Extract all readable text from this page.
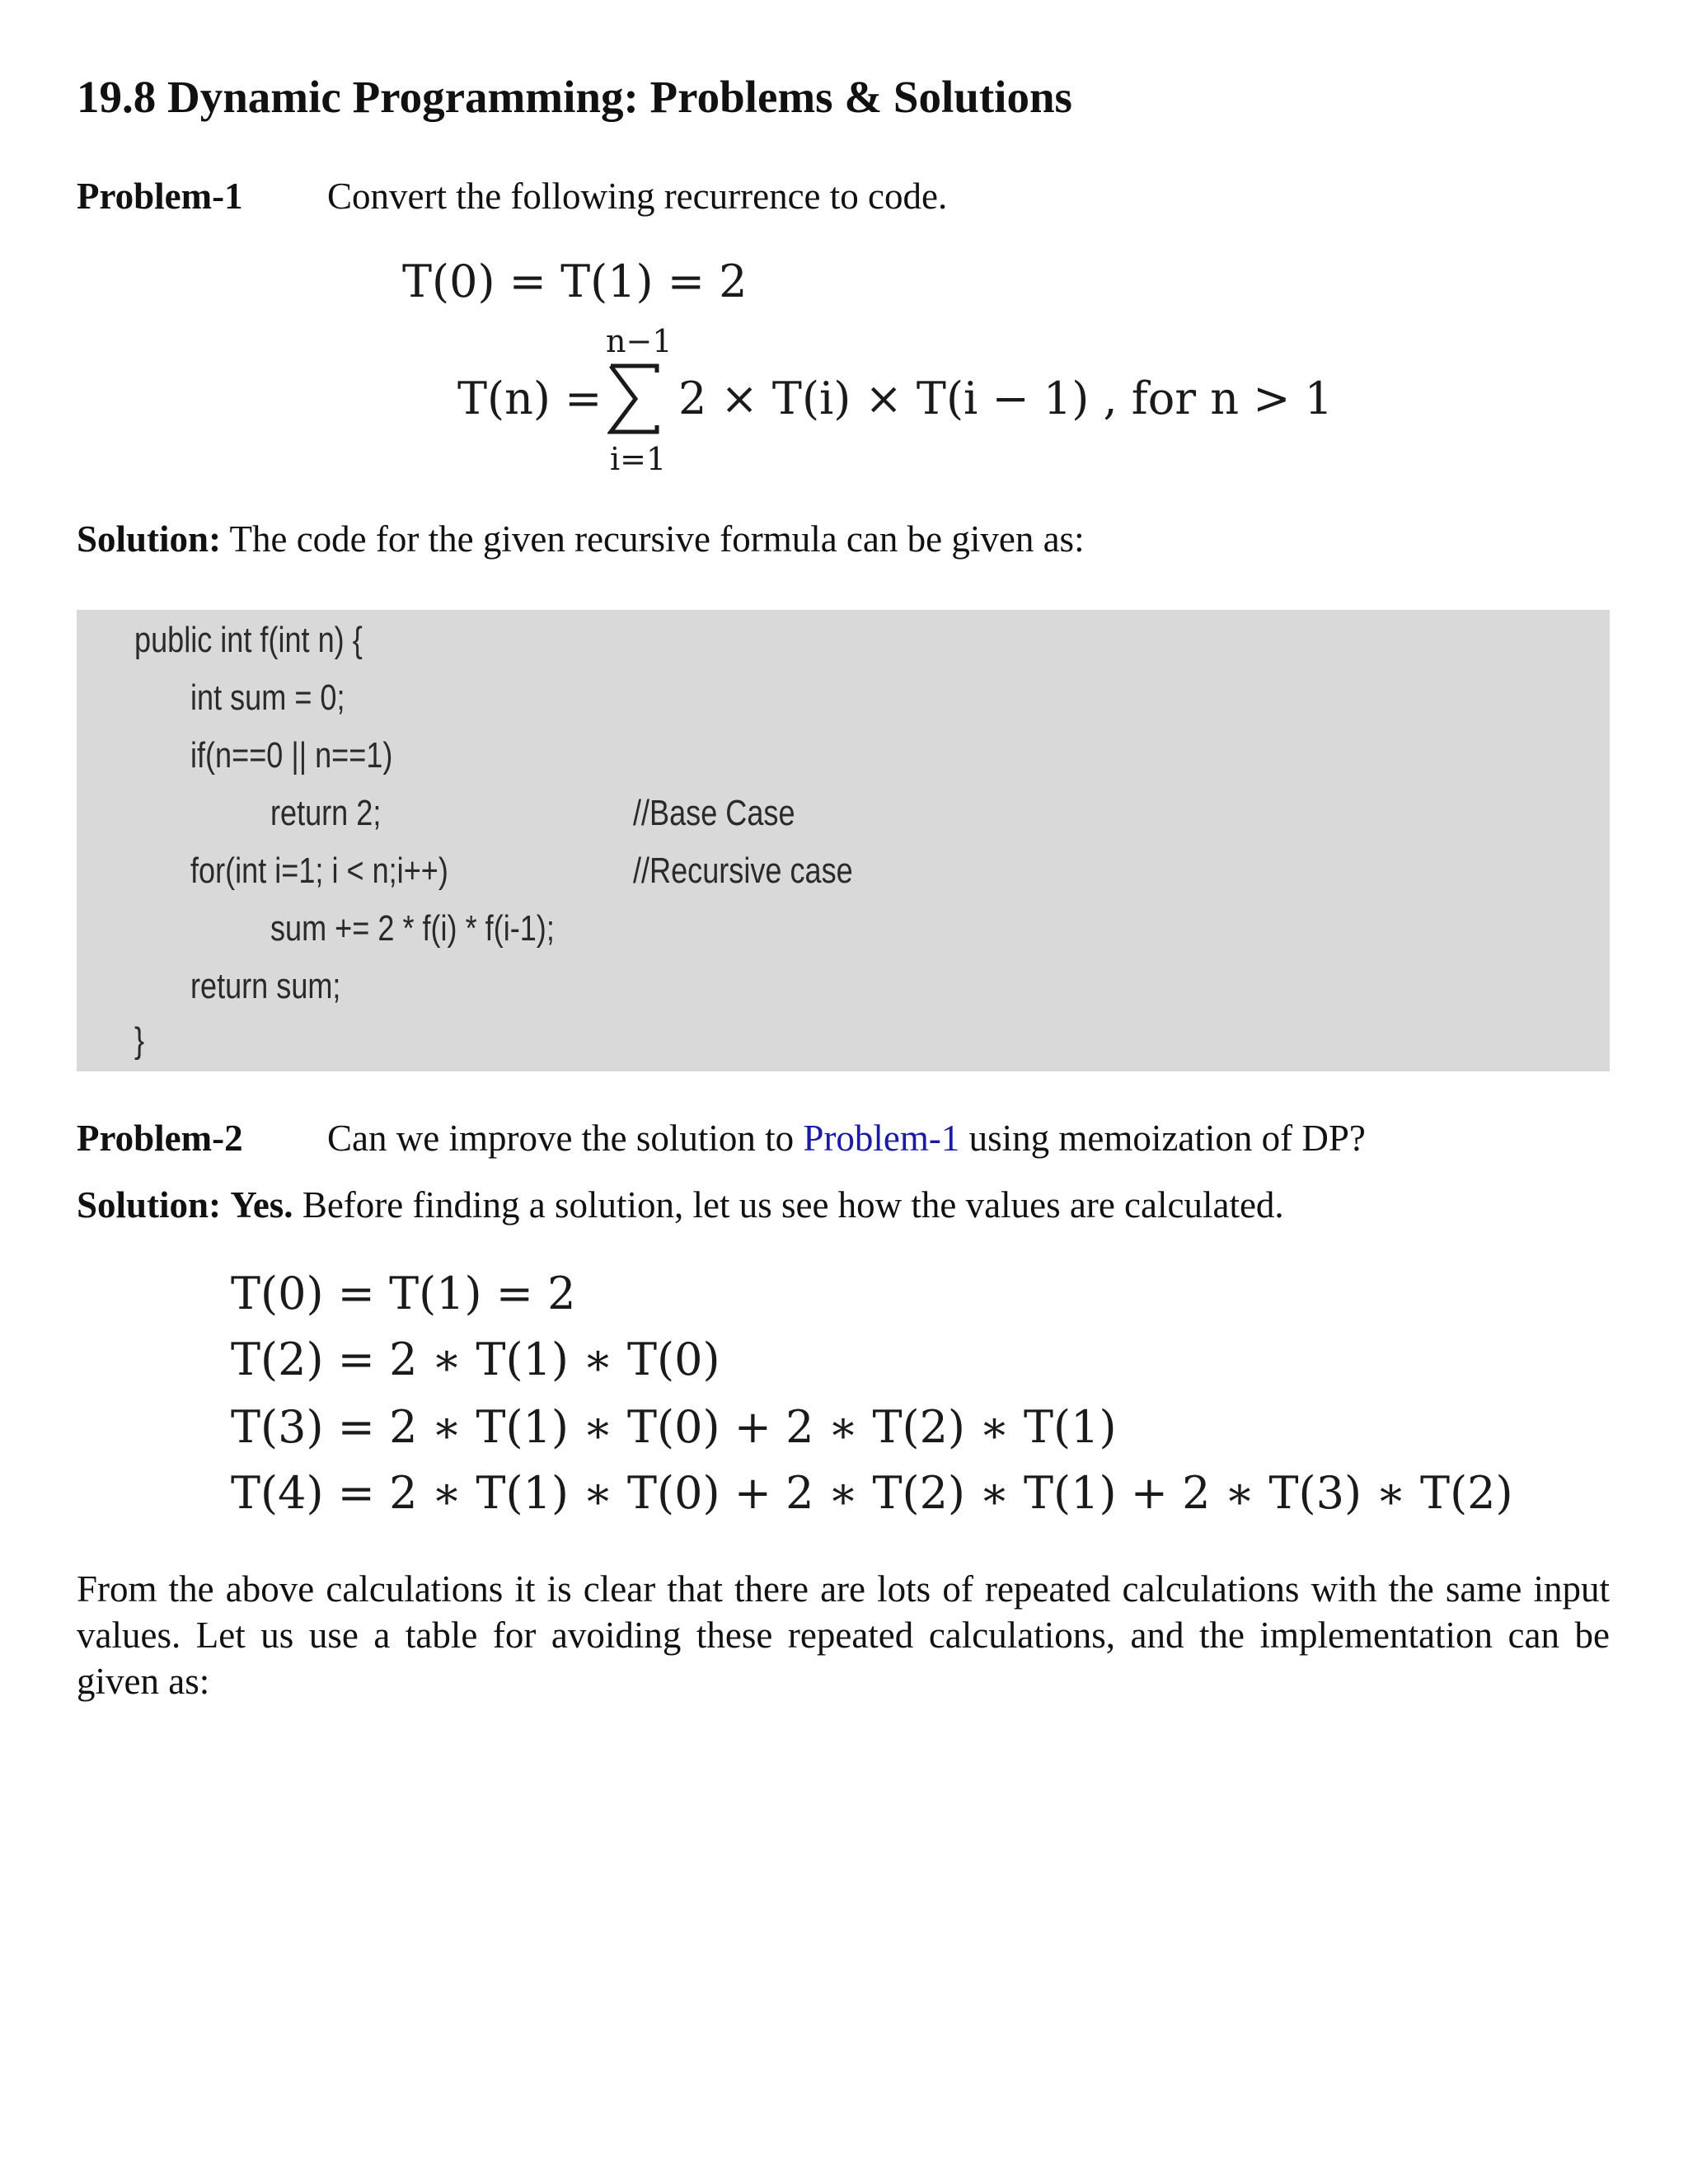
19.8 Dynamic Programming: Problems & Solutions
Problem-1 Convert the following recurrence to code.
T(0) = T(1) = 2
T(n) =
n−1
i=1
2 × T(i) × T(i − 1) , for n > 1
Solution: The code for the given recursive formula can be given as:
public int f(int n) {
int sum = 0;
if(n==0 || n==1)
return 2;	//Base Case
for(int i=1; i < n;i++)	//Recursive case
sum += 2 * f(i) * f(i-1);
return sum;
}
Problem-2 Can we improve the solution to Problem-1 using memoization of DP?
Solution: Yes. Before finding a solution, let us see how the values are calculated.
T(0) = T(1) = 2
T(2) = 2 ∗ T(1) ∗ T(0)
T(3) = 2 ∗ T(1) ∗ T(0) + 2 ∗ T(2) ∗ T(1)
T(4) = 2 ∗ T(1) ∗ T(0) + 2 ∗ T(2) ∗ T(1) + 2 ∗ T(3) ∗ T(2)

From the above calculations it is clear that there are lots of repeated calculations with the same input values. Let us use a table for avoiding these repeated calculations, and the implementation can be given as:
